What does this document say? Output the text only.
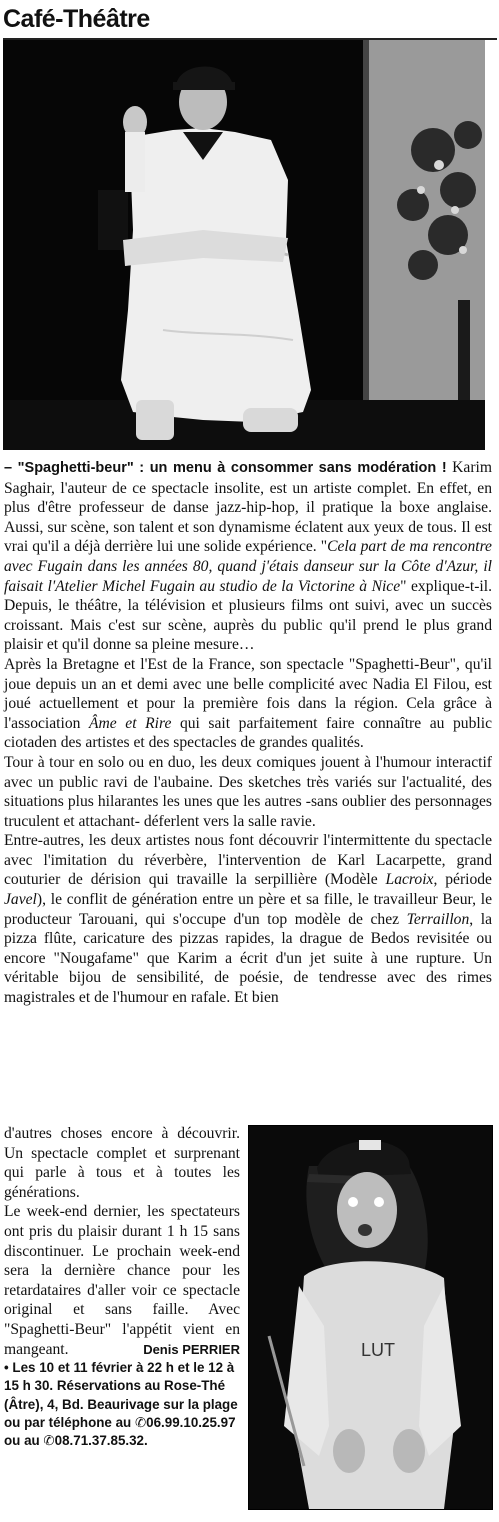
Café-Théâtre

– "Spaghetti-beur" : un menu à consommer sans modération ! Karim Saghair, l'auteur de ce spectacle insolite, est un artiste complet. En effet, en plus d'être professeur de danse jazz-hip-hop, il pratique la boxe anglaise. Aussi, sur scène, son talent et son dynamisme éclatent aux yeux de tous. Il est vrai qu'il a déjà derrière lui une solide expérience. "Cela part de ma rencontre avec Fugain dans les années 80, quand j'étais danseur sur la Côte d'Azur, il faisait l'Atelier Michel Fugain au studio de la Victorine à Nice" explique-t-il. Depuis, le théâtre, la télévision et plusieurs films ont suivi, avec un succès croissant. Mais c'est sur scène, auprès du public qu'il prend le plus grand plaisir et qu'il donne sa pleine mesure…

Après la Bretagne et l'Est de la France, son spectacle "Spaghetti-Beur", qu'il joue depuis un an et demi avec une belle complicité avec Nadia El Filou, est joué actuellement et pour la première fois dans la région. Cela grâce à l'association Âme et Rire qui sait parfaitement faire connaître au public ciotaden des artistes et des spectacles de grandes qualités.

Tour à tour en solo ou en duo, les deux comiques jouent à l'humour interactif avec un public ravi de l'aubaine. Des sketches très variés sur l'actualité, des situations plus hilarantes les unes que les autres -sans oublier des personnages truculent et attachant- déferlent vers la salle ravie.

Entre-autres, les deux artistes nous font découvrir l'intermittente du spectacle avec l'imitation du réverbère, l'intervention de Karl Lacarpette, grand couturier de dérision qui travaille la serpillière (Modèle Lacroix, période Javel), le conflit de génération entre un père et sa fille, le travailleur Beur, le producteur Tarouani, qui s'occupe d'un top modèle de chez Terraillon, la pizza flûte, caricature des pizzas rapides, la drague de Bedos revisitée ou encore "Nougafame" que Karim a écrit d'un jet suite à une rupture. Un véritable bijou de sensibilité, de poésie, de tendresse avec des rimes magistrales et de l'humour en rafale. Et bien

d'autres choses encore à découvrir. Un spectacle complet et surprenant qui parle à tous et à toutes les générations.

Le week-end dernier, les spectateurs ont pris du plaisir durant 1 h 15 sans discontinuer. Le prochain week-end sera la dernière chance pour les retardataires d'aller voir ce spectacle original et sans faille. Avec "Spaghetti-Beur" l'appétit vient en mangeant.	Denis PERRIER

• Les 10 et 11 février à 22 h et le 12 à 15 h 30. Réservations au Rose-Thé (Âtre), 4, Bd. Beaurivage sur la plage ou par téléphone au ✆06.99.10.25.97 ou au ✆08.71.37.85.32.

LUT
